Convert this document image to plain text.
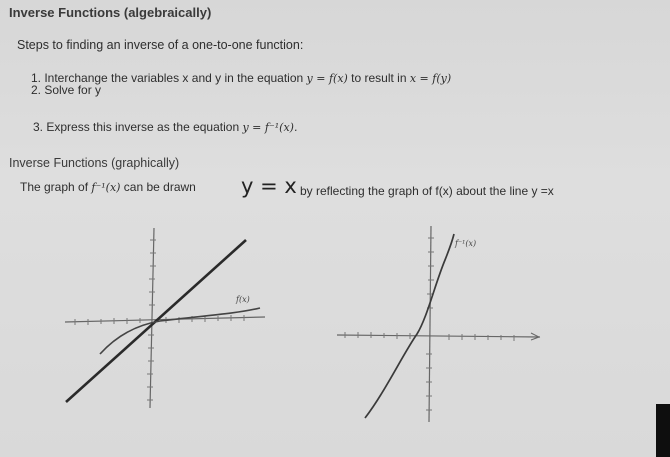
Inverse Functions (algebraically)
Steps to finding an inverse of a one-to-one function:
1. Interchange the variables x and y in the equation y = f(x) to result in x = f(y)
2. Solve for y
3. Express this inverse as the equation y = f⁻¹(x).
Inverse Functions (graphically)
The graph of f⁻¹(x) can be drawn y = x by reflecting the graph of f(x) about the line y =x
f(x)
f⁻¹(x)
